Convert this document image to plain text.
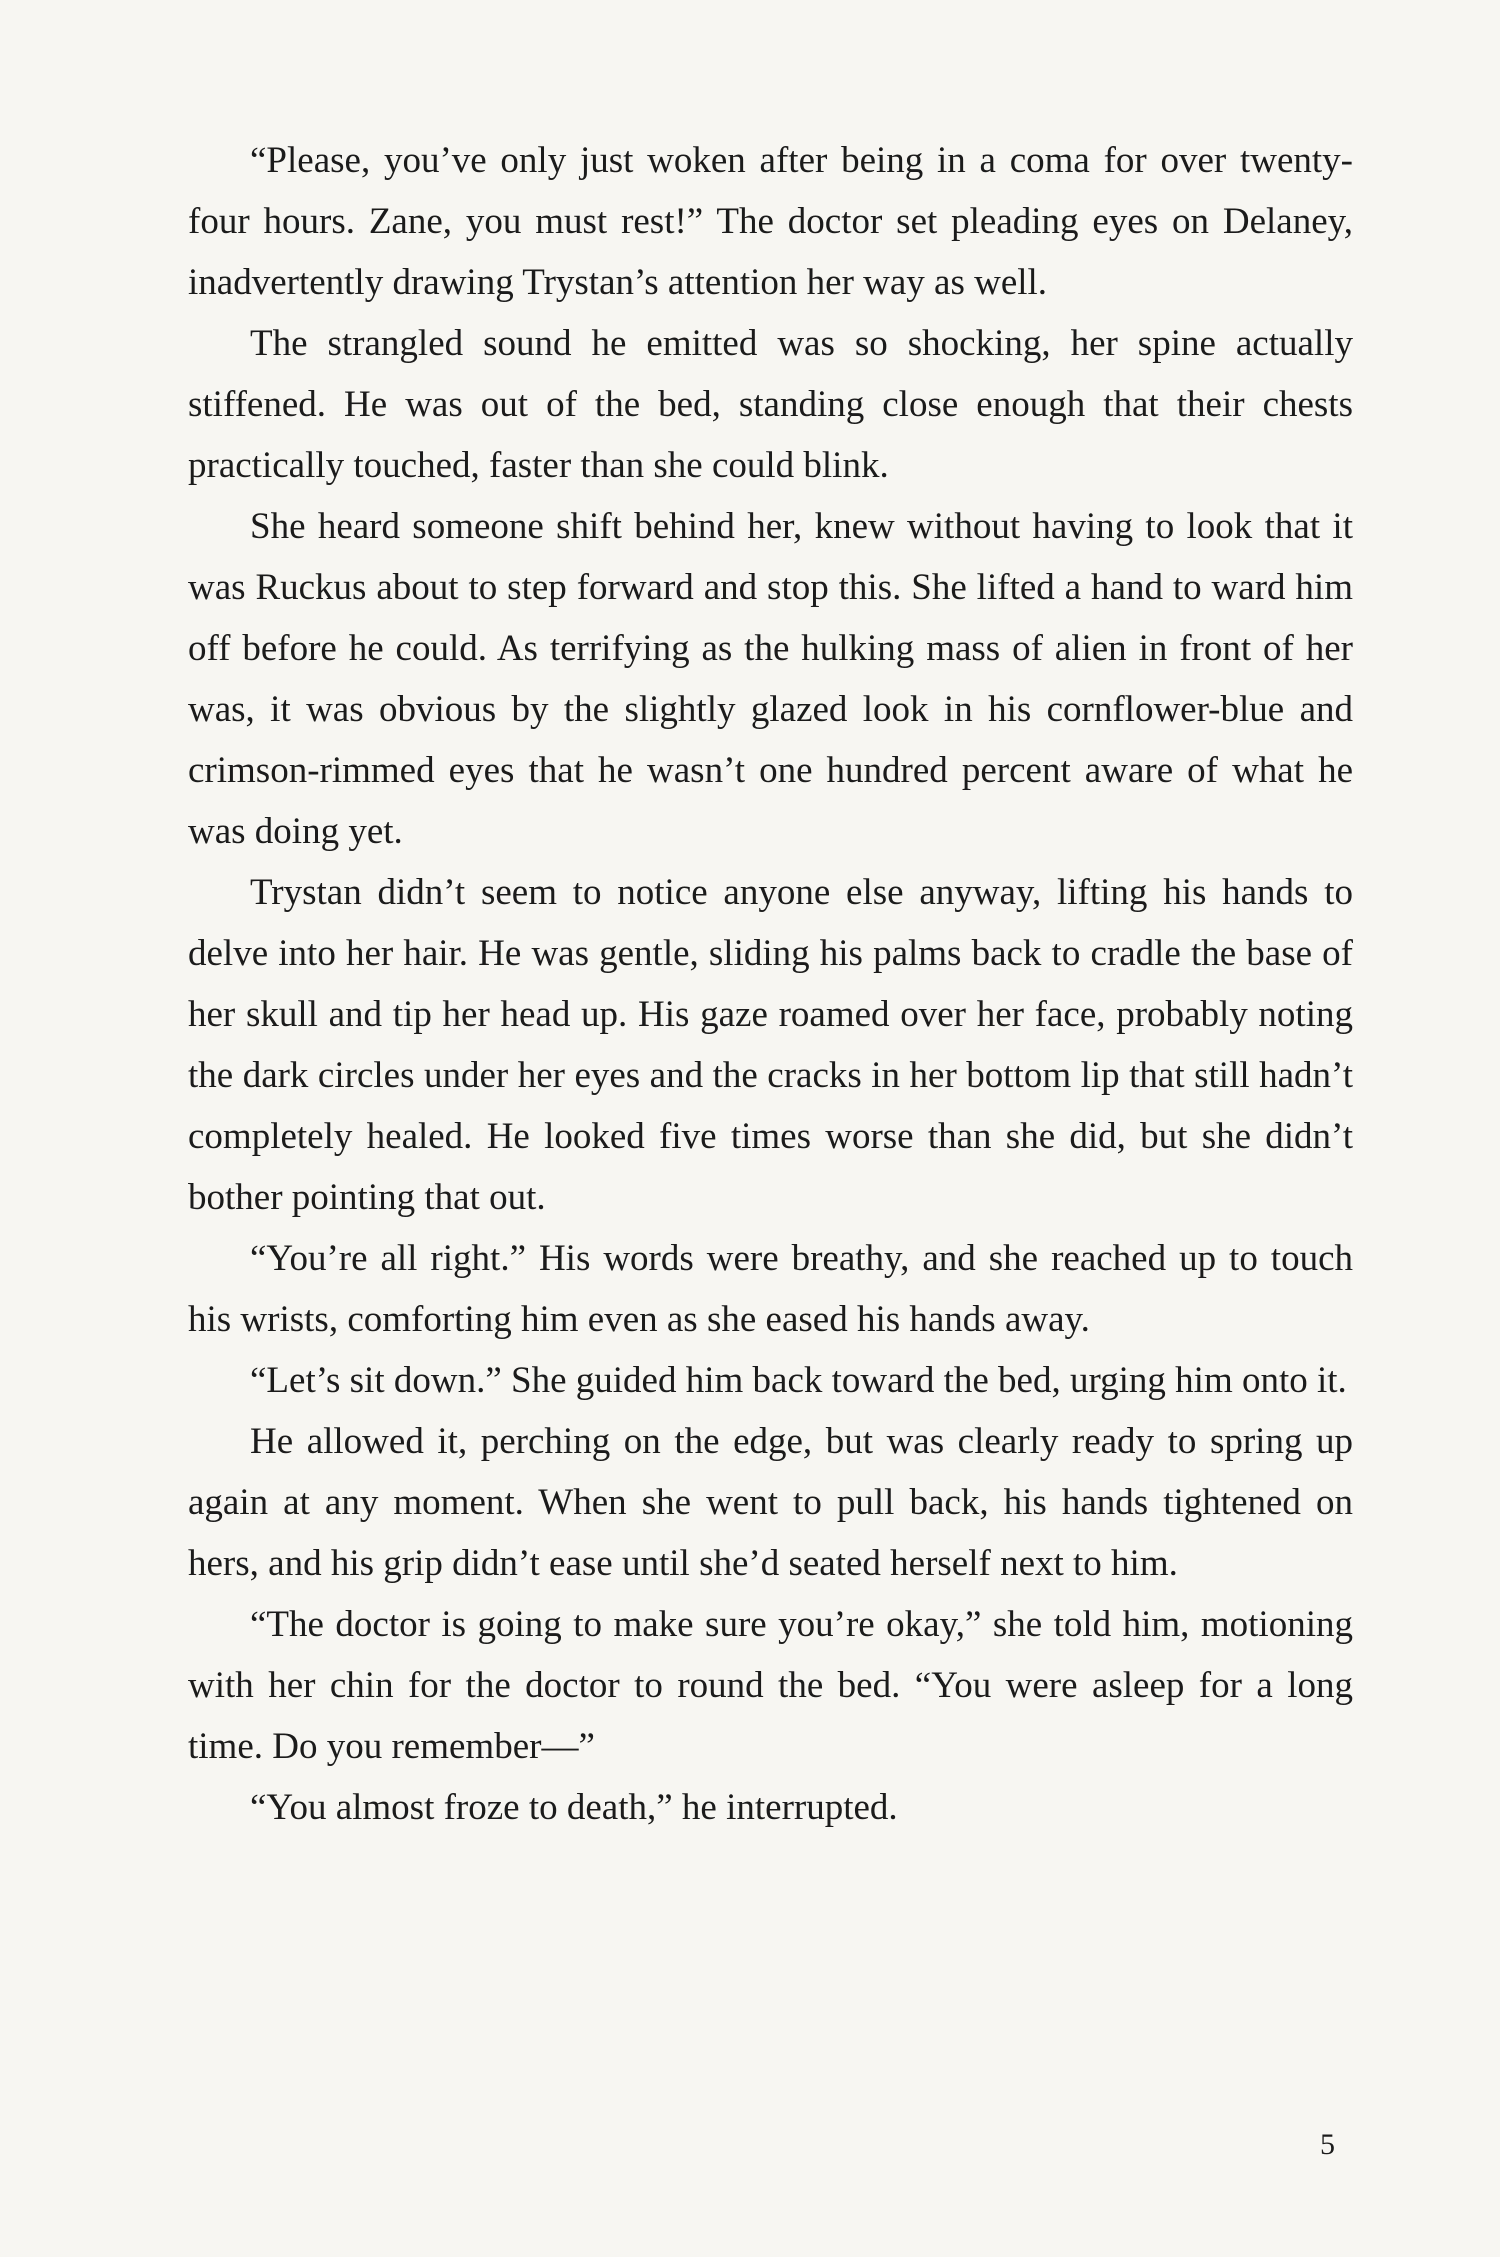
“Please, you’ve only just woken after being in a coma for over twenty-four hours. Zane, you must rest!” The doctor set pleading eyes on Delaney, inadvertently drawing Trystan’s attention her way as well.

The strangled sound he emitted was so shocking, her spine actually stiffened. He was out of the bed, standing close enough that their chests practically touched, faster than she could blink.

She heard someone shift behind her, knew without having to look that it was Ruckus about to step forward and stop this. She lifted a hand to ward him off before he could. As terrifying as the hulking mass of alien in front of her was, it was obvious by the slightly glazed look in his cornflower-blue and crimson-rimmed eyes that he wasn’t one hundred percent aware of what he was doing yet.

Trystan didn’t seem to notice anyone else anyway, lifting his hands to delve into her hair. He was gentle, sliding his palms back to cradle the base of her skull and tip her head up. His gaze roamed over her face, probably noting the dark circles under her eyes and the cracks in her bottom lip that still hadn’t completely healed. He looked five times worse than she did, but she didn’t bother pointing that out.

“You’re all right.” His words were breathy, and she reached up to touch his wrists, comforting him even as she eased his hands away.

“Let’s sit down.” She guided him back toward the bed, urging him onto it.

He allowed it, perching on the edge, but was clearly ready to spring up again at any moment. When she went to pull back, his hands tightened on hers, and his grip didn’t ease until she’d seated herself next to him.

“The doctor is going to make sure you’re okay,” she told him, motioning with her chin for the doctor to round the bed. “You were asleep for a long time. Do you remember—”

“You almost froze to death,” he interrupted.

5
